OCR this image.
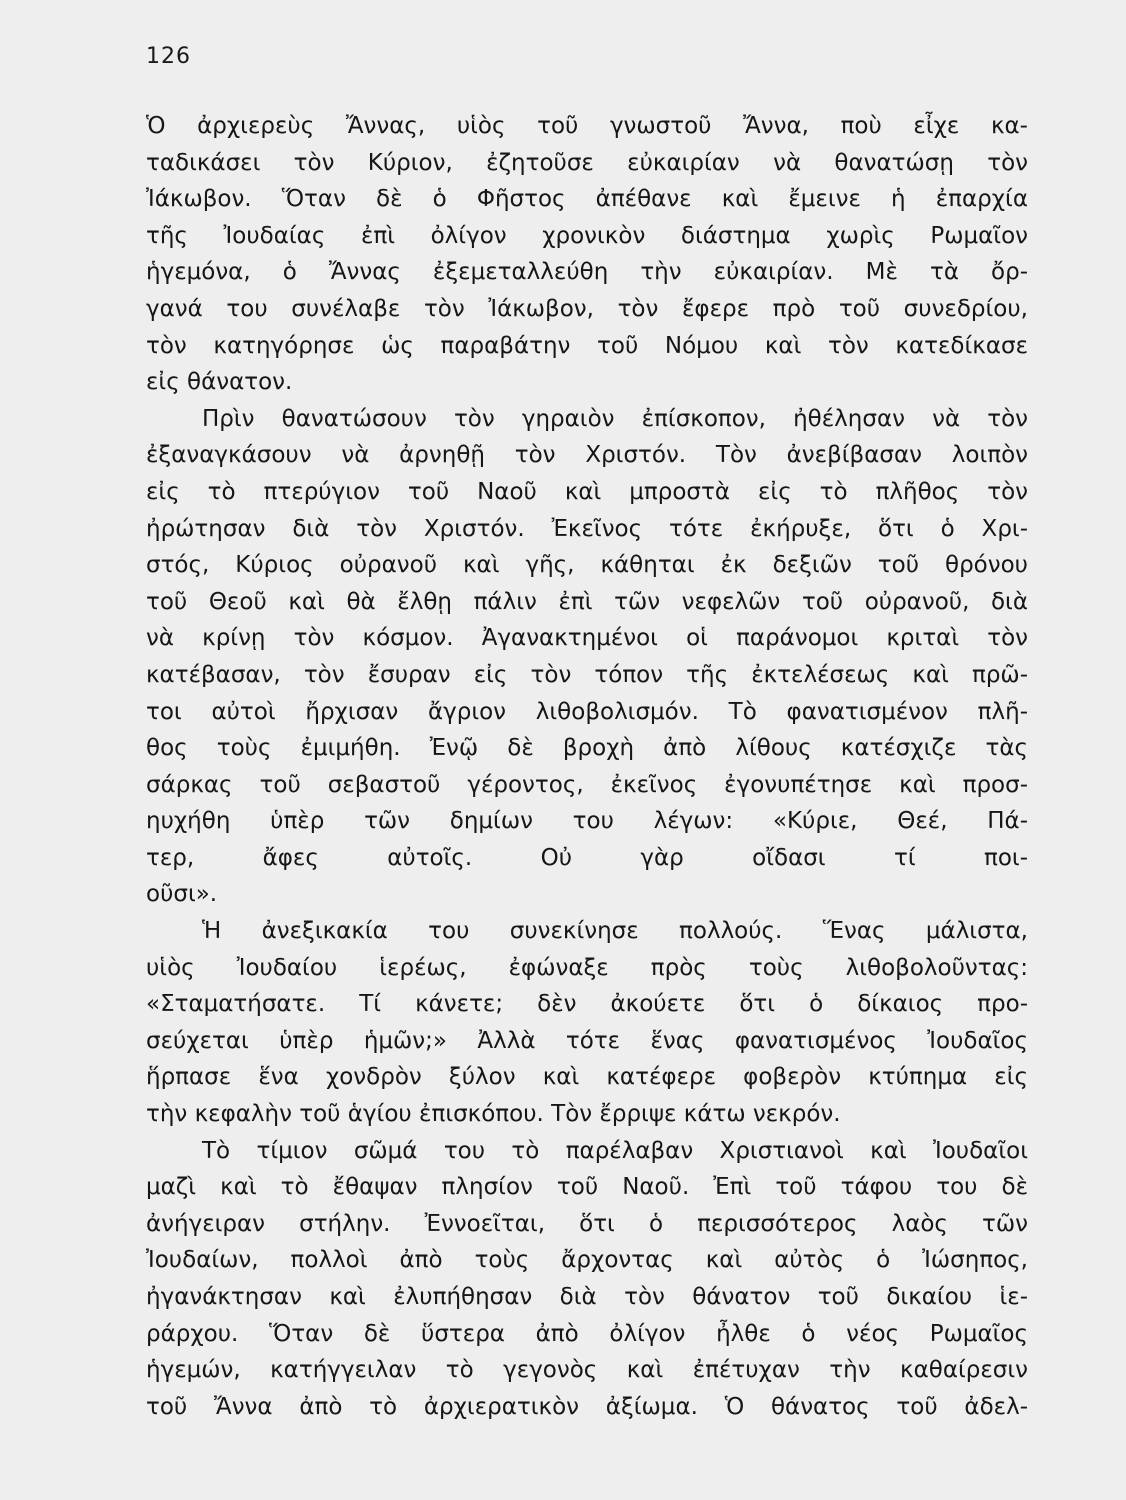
126
Ὁ ἀρχιερεὺς Ἄννας, υἱὸς τοῦ γνωστοῦ Ἄννα, ποὺ εἶχε κα-
ταδικάσει τὸν Κύριον, ἐζητοῦσε εὐκαιρίαν νὰ θανατώσῃ τὸν
Ἰάκωβον. Ὅταν δὲ ὁ Φῆστος ἀπέθανε καὶ ἔμεινε ἡ ἐπαρχία
τῆς Ἰουδαίας ἐπὶ ὀλίγον χρονικὸν διάστημα χωρὶς Ρωμαῖον
ἡγεμόνα, ὁ Ἄννας ἐξεμεταλλεύθη τὴν εὐκαιρίαν. Μὲ τὰ ὄρ-
γανά του συνέλαβε τὸν Ἰάκωβον, τὸν ἔφερε πρὸ τοῦ συνεδρίου,
τὸν κατηγόρησε ὡς παραβάτην τοῦ Νόμου καὶ τὸν κατεδίκασε
εἰς θάνατον.
Πρὶν θανατώσουν τὸν γηραιὸν ἐπίσκοπον, ἠθέλησαν νὰ τὸν
ἐξαναγκάσουν νὰ ἀρνηθῇ τὸν Χριστόν. Τὸν ἀνεβίβασαν λοιπὸν
εἰς τὸ πτερύγιον τοῦ Ναοῦ καὶ μπροστὰ εἰς τὸ πλῆθος τὸν
ἠρώτησαν διὰ τὸν Χριστόν. Ἐκεῖνος τότε ἐκήρυξε, ὅτι ὁ Χρι-
στός, Κύριος οὐρανοῦ καὶ γῆς, κάθηται ἐκ δεξιῶν τοῦ θρόνου
τοῦ Θεοῦ καὶ θὰ ἔλθῃ πάλιν ἐπὶ τῶν νεφελῶν τοῦ οὐρανοῦ, διὰ
νὰ κρίνῃ τὸν κόσμον. Ἀγανακτημένοι οἱ παράνομοι κριταὶ τὸν
κατέβασαν, τὸν ἔσυραν εἰς τὸν τόπον τῆς ἐκτελέσεως καὶ πρῶ-
τοι αὐτοὶ ἤρχισαν ἄγριον λιθοβολισμόν. Τὸ φανατισμένον πλῆ-
θος τοὺς ἐμιμήθη. Ἐνῷ δὲ βροχὴ ἀπὸ λίθους κατέσχιζε τὰς
σάρκας τοῦ σεβαστοῦ γέροντος, ἐκεῖνος ἐγονυπέτησε καὶ προσ-
ηυχήθη ὑπὲρ τῶν δημίων του λέγων: «Κύριε, Θεέ, Πά-
τερ, ἄφες αὐτοῖς. Οὐ γὰρ οἴδασι τί ποι-
οῦσι».
Ἡ ἀνεξικακία του συνεκίνησε πολλούς. Ἕνας μάλιστα,
υἱὸς Ἰουδαίου ἱερέως, ἐφώναξε πρὸς τοὺς λιθοβολοῦντας:
«Σταματήσατε. Τί κάνετε; δὲν ἀκούετε ὅτι ὁ δίκαιος προ-
σεύχεται ὑπὲρ ἡμῶν;» Ἀλλὰ τότε ἕνας φανατισμένος Ἰουδαῖος
ἥρπασε ἕνα χονδρὸν ξύλον καὶ κατέφερε φοβερὸν κτύπημα εἰς
τὴν κεφαλὴν τοῦ ἁγίου ἐπισκόπου. Τὸν ἔρριψε κάτω νεκρόν.
Τὸ τίμιον σῶμά του τὸ παρέλαβαν Χριστιανοὶ καὶ Ἰουδαῖοι
μαζὶ καὶ τὸ ἔθαψαν πλησίον τοῦ Ναοῦ. Ἐπὶ τοῦ τάφου του δὲ
ἀνήγειραν στήλην. Ἐννοεῖται, ὅτι ὁ περισσότερος λαὸς τῶν
Ἰουδαίων, πολλοὶ ἀπὸ τοὺς ἄρχοντας καὶ αὐτὸς ὁ Ἰώσηπος,
ἠγανάκτησαν καὶ ἐλυπήθησαν διὰ τὸν θάνατον τοῦ δικαίου ἱε-
ράρχου. Ὅταν δὲ ὕστερα ἀπὸ ὀλίγον ἦλθε ὁ νέος Ρωμαῖος
ἡγεμών, κατήγγειλαν τὸ γεγονὸς καὶ ἐπέτυχαν τὴν καθαίρεσιν
τοῦ Ἄννα ἀπὸ τὸ ἀρχιερατικὸν ἀξίωμα. Ὁ θάνατος τοῦ ἀδελ-
